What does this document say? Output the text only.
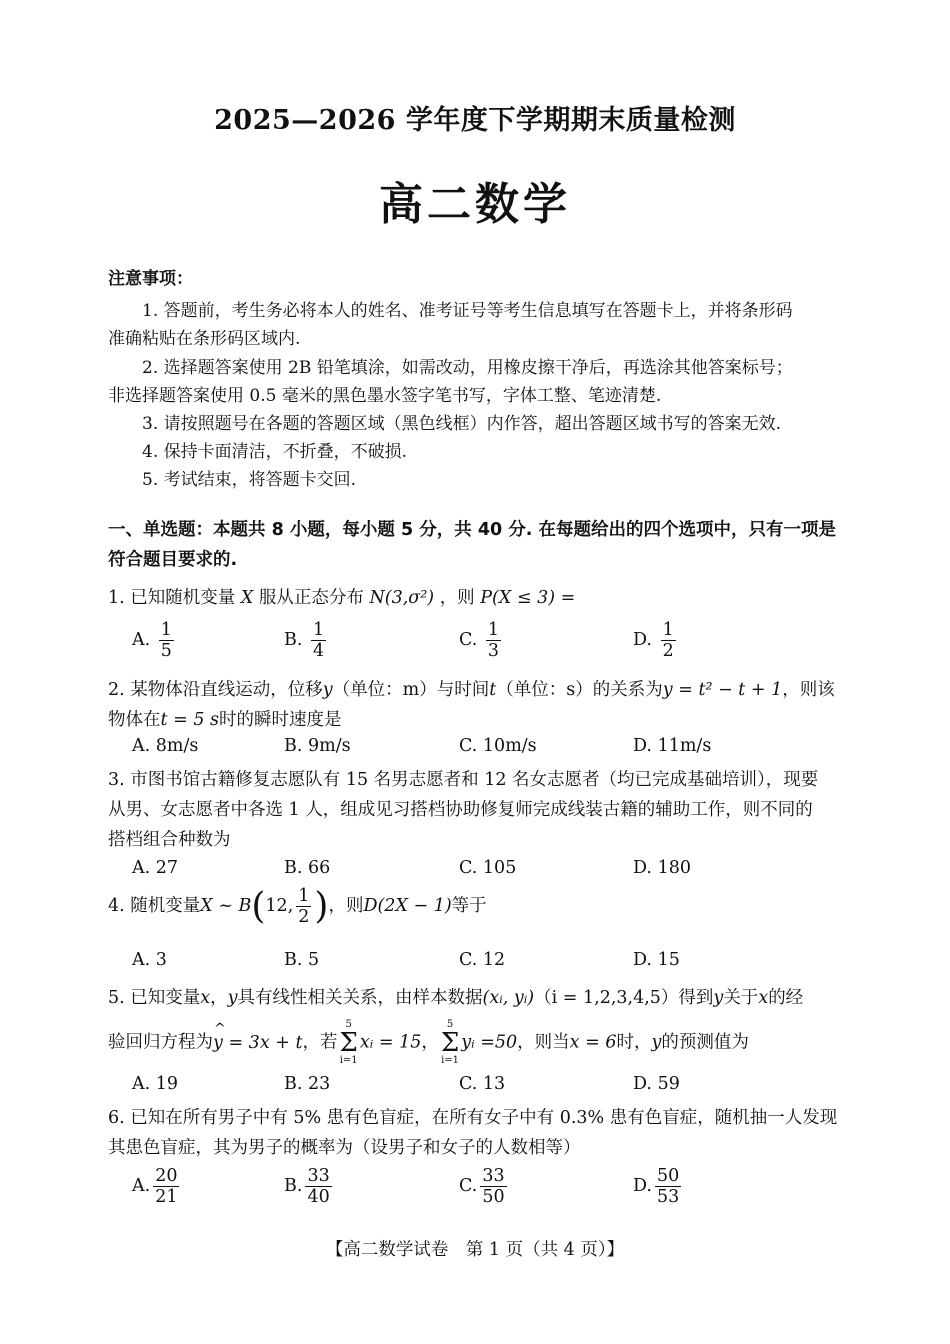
2025—2026 学年度下学期期末质量检测
高二数学
注意事项：
1. 答题前，考生务必将本人的姓名、准考证号等考生信息填写在答题卡上，并将条形码
准确粘贴在条形码区域内.
2. 选择题答案使用 2B 铅笔填涂，如需改动，用橡皮擦干净后，再选涂其他答案标号；
非选择题答案使用 0.5 毫米的黑色墨水签字笔书写，字体工整、笔迹清楚.
3. 请按照题号在各题的答题区域（黑色线框）内作答，超出答题区域书写的答案无效.
4. 保持卡面清洁，不折叠，不破损.
5. 考试结束，将答题卡交回.
一、单选题：本题共 8 小题，每小题 5 分，共 40 分. 在每题给出的四个选项中，只有一项是
符合题目要求的.
1. 已知随机变量 X 服从正态分布 N(3,σ²) ，则 P(X ≤ 3) =
A. $\frac{1}{5}$	B. $\frac{1}{4}$	C. $\frac{1}{3}$	D. $\frac{1}{2}$
2. 某物体沿直线运动，位移y（单位：m）与时间t（单位：s）的关系为y = t² − t + 1，则该
物体在t = 5 s时的瞬时速度是
A. 8m/s	B. 9m/s	C. 10m/s	D. 11m/s
3. 市图书馆古籍修复志愿队有 15 名男志愿者和 12 名女志愿者（均已完成基础培训），现要
从男、女志愿者中各选 1 人，组成见习搭档协助修复师完成线装古籍的辅助工作，则不同的
搭档组合种数为
A. 27	B. 66	C. 105	D. 180
4. 随机变量X ~ B(12, $\frac{1}{2}$ )，则D(2X − 1)等于
A. 3	B. 5	C. 12	D. 15
5. 已知变量x，y具有线性相关关系，由样本数据(xᵢ, yᵢ)（i = 1,2,3,4,5）得到y关于x的经
验回归方程为^ y = 3x + t，若
5
Σ
i=1
xᵢ = 15，
5
Σ
i=1
yᵢ =50，则当x = 6时，y的预测值为
A. 19	B. 23	C. 13	D. 59
6. 已知在所有男子中有 5% 患有色盲症，在所有女子中有 0.3% 患有色盲症，随机抽一人发现
其患色盲症，其为男子的概率为（设男子和女子的人数相等）
A. $\frac{20}{21}$	B. $\frac{33}{40}$	C. $\frac{33}{50}$	D. $\frac{50}{53}$
【高二数学试卷　第 1 页（共 4 页）】
